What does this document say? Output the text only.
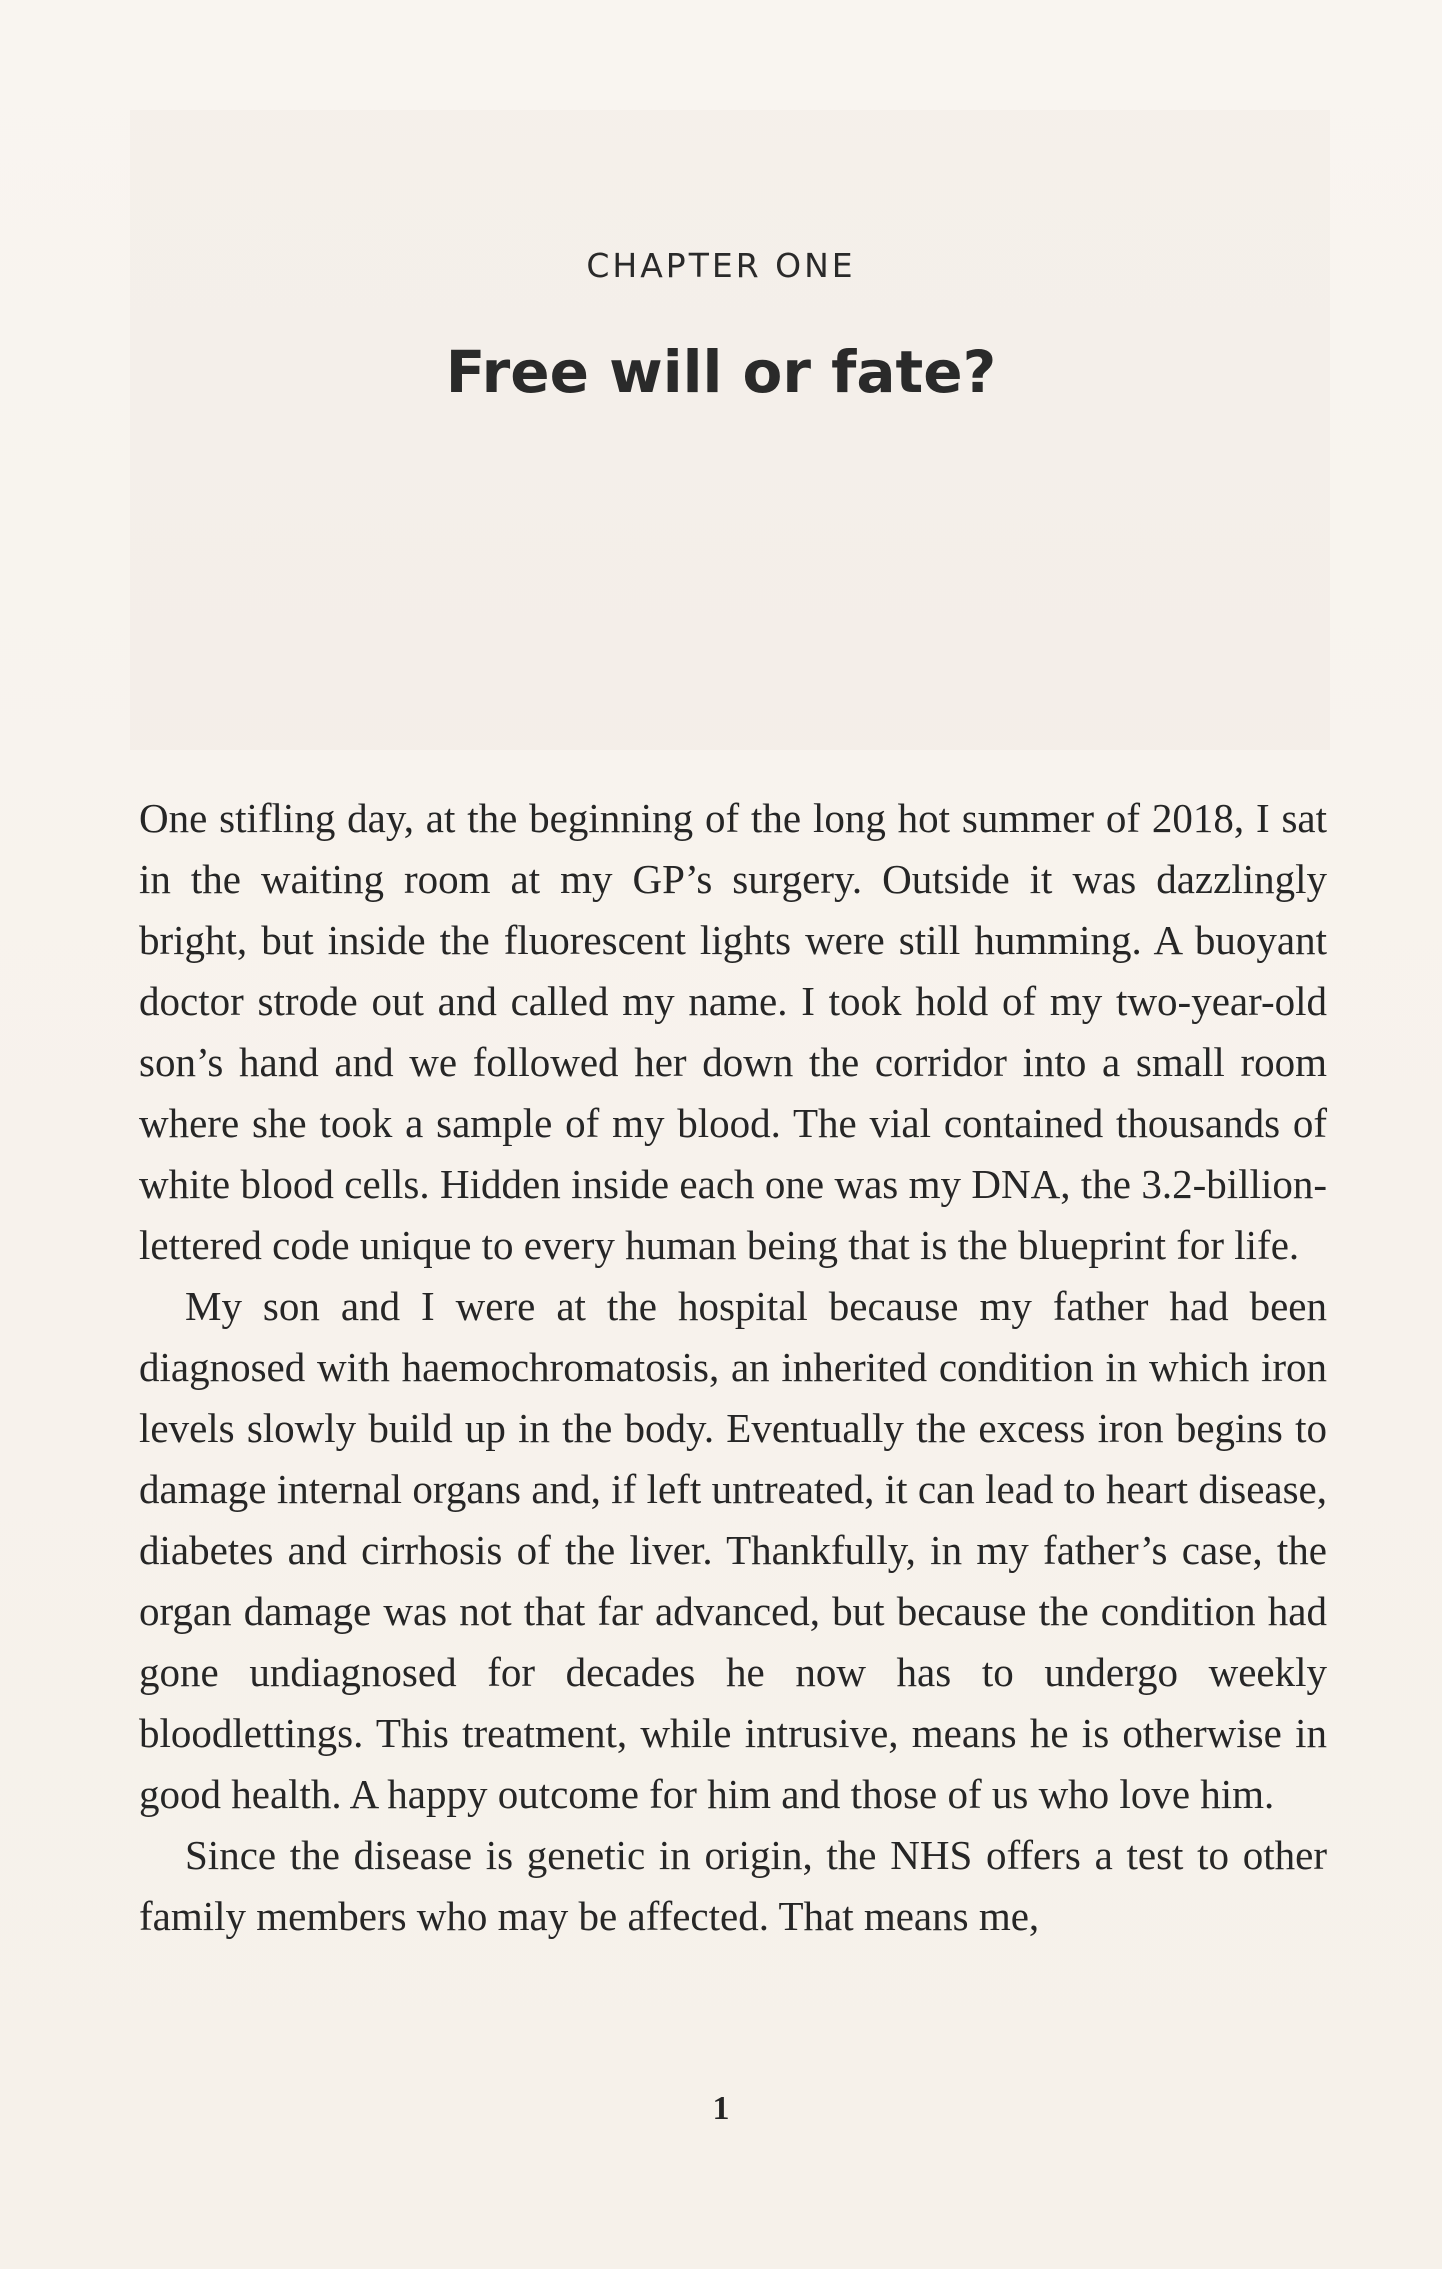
CHAPTER ONE
Free will or fate?

One stifling day, at the beginning of the long hot summer of 2018, I sat in the waiting room at my GP’s surgery. Outside it was dazzlingly bright, but inside the fluorescent lights were still humming. A buoyant doctor strode out and called my name. I took hold of my two-year-old son’s hand and we followed her down the corridor into a small room where she took a sample of my blood. The vial contained thousands of white blood cells. Hidden inside each one was my DNA, the 3.2-billion-lettered code unique to every human being that is the blueprint for life.

My son and I were at the hospital because my father had been diagnosed with haemochromatosis, an inherited condition in which iron levels slowly build up in the body. Eventually the excess iron begins to damage internal organs and, if left untreated, it can lead to heart disease, diabetes and cirrhosis of the liver. Thankfully, in my father’s case, the organ damage was not that far advanced, but because the condition had gone undiagnosed for decades he now has to undergo weekly bloodlettings. This treatment, while intrusive, means he is otherwise in good health. A happy outcome for him and those of us who love him.

Since the disease is genetic in origin, the NHS offers a test to other family members who may be affected. That means me,

1
